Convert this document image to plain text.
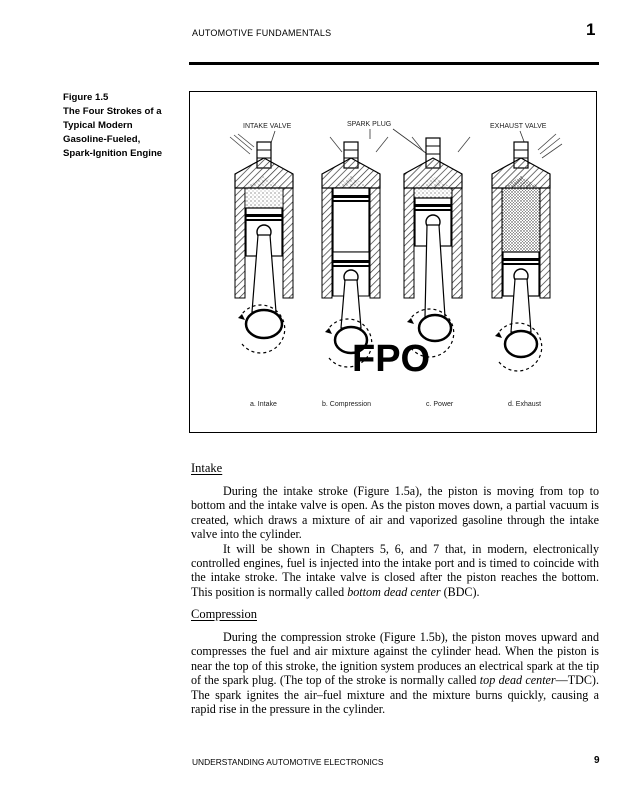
AUTOMOTIVE FUNDAMENTALS	1
Figure 1.5
The Four Strokes of a
Typical Modern
Gasoline-Fueled,
Spark-Ignition Engine
INTAKE VALVE	SPARK PLUG	EXHAUST VALVE
a. Intake	b. Compression	c. Power	d. Exhaust
FPO
Intake

During the intake stroke (Figure 1.5a), the piston is moving from top to bottom and the intake valve is open. As the piston moves down, a partial vacuum is created, which draws a mixture of air and vaporized gasoline through the intake valve into the cylinder.

It will be shown in Chapters 5, 6, and 7 that, in modern, electronically controlled engines, fuel is injected into the intake port and is timed to coincide with the intake stroke. The intake valve is closed after the piston reaches the bottom. This position is normally called bottom dead center (BDC).

Compression

During the compression stroke (Figure 1.5b), the piston moves upward and compresses the fuel and air mixture against the cylinder head. When the piston is near the top of this stroke, the ignition system produces an electrical spark at the tip of the spark plug. (The top of the stroke is normally called top dead center—TDC). The spark ignites the air–fuel mixture and the mixture burns quickly, causing a rapid rise in the pressure in the cylinder.

UNDERSTANDING AUTOMOTIVE ELECTRONICS	9
